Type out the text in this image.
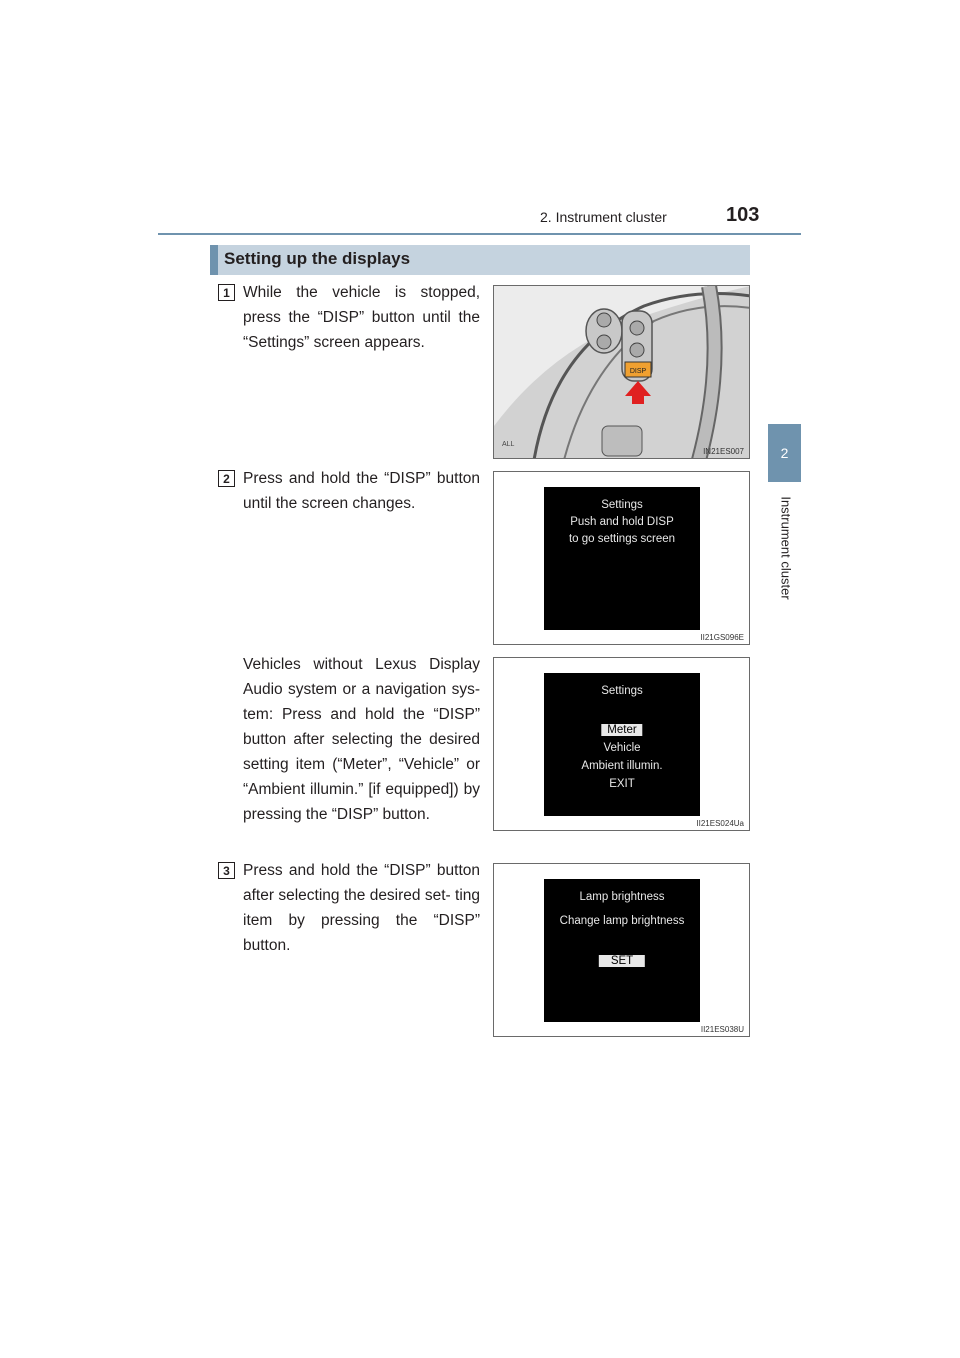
2. Instrument cluster	103
2
Instrument cluster
Setting up the displays
1 While the vehicle is stopped, press the “DISP” button until the “Settings” screen appears.
DISP
ALL
IN21ES007
2 Press and hold the “DISP” button until the screen changes.	Settings
Push and hold DISP
to go settings screen
II21GS096E
Vehicles without Lexus Display Audio system or a navigation sys- tem: Press and hold the “DISP” button after selecting the desired setting item (“Meter”, “Vehicle” or “Ambient illumin.” [if equipped]) by pressing the “DISP” button.
Settings
Meter
Vehicle
Ambient illumin.
EXIT
II21ES024Ua
3 Press and hold the “DISP” button after selecting the desired set- ting item by pressing the “DISP” button.
Lamp brightness
Change lamp brightness
SET
II21ES038U
